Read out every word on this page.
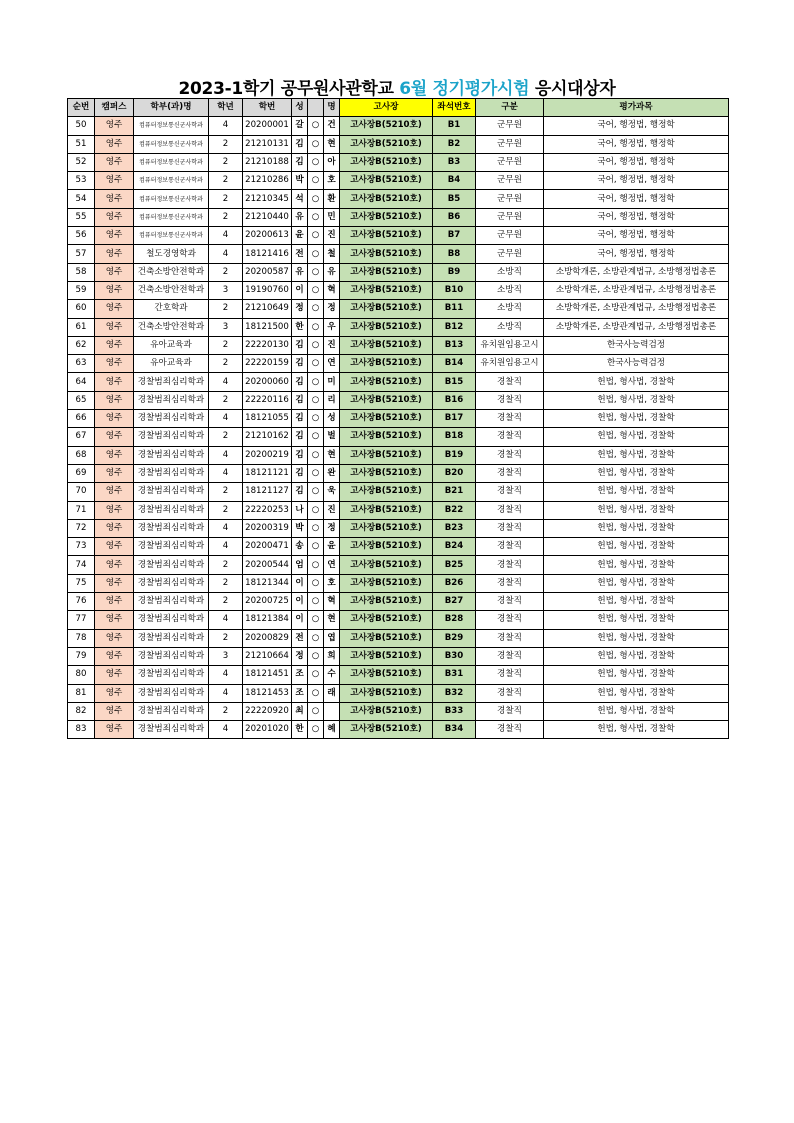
2023-1학기 공무원사관학교 6월 정기평가시험 응시대상자
순번	캠퍼스	학부(과)명	학년	학번	성		명	고사장	좌석번호	구분	평가과목
50	영주	컴퓨터정보통신군사학과	4	20200001	갈	○	건	고사장B(5210호)	B1	군무원	국어, 행정법, 행정학
51	영주	컴퓨터정보통신군사학과	2	21210131	김	○	현	고사장B(5210호)	B2	군무원	국어, 행정법, 행정학
52	영주	컴퓨터정보통신군사학과	2	21210188	김	○	아	고사장B(5210호)	B3	군무원	국어, 행정법, 행정학
53	영주	컴퓨터정보통신군사학과	2	21210286	박	○	호	고사장B(5210호)	B4	군무원	국어, 행정법, 행정학
54	영주	컴퓨터정보통신군사학과	2	21210345	석	○	환	고사장B(5210호)	B5	군무원	국어, 행정법, 행정학
55	영주	컴퓨터정보통신군사학과	2	21210440	유	○	민	고사장B(5210호)	B6	군무원	국어, 행정법, 행정학
56	영주	컴퓨터정보통신군사학과	4	20200613	윤	○	진	고사장B(5210호)	B7	군무원	국어, 행정법, 행정학
57	영주	철도경영학과	4	18121416	전	○	철	고사장B(5210호)	B8	군무원	국어, 행정법, 행정학
58	영주	건축소방안전학과	2	20200587	유	○	유	고사장B(5210호)	B9	소방직	소방학개론, 소방관계법규, 소방행정법총론
59	영주	건축소방안전학과	3	19190760	이	○	혁	고사장B(5210호)	B10	소방직	소방학개론, 소방관계법규, 소방행정법총론
60	영주	간호학과	2	21210649	정	○	정	고사장B(5210호)	B11	소방직	소방학개론, 소방관계법규, 소방행정법총론
61	영주	건축소방안전학과	3	18121500	한	○	우	고사장B(5210호)	B12	소방직	소방학개론, 소방관계법규, 소방행정법총론
62	영주	유아교육과	2	22220130	김	○	진	고사장B(5210호)	B13	유치원임용고시	한국사능력검정
63	영주	유아교육과	2	22220159	김	○	연	고사장B(5210호)	B14	유치원임용고시	한국사능력검정
64	영주	경찰범죄심리학과	4	20200060	김	○	미	고사장B(5210호)	B15	경찰직	헌법, 형사법, 경찰학
65	영주	경찰범죄심리학과	2	22220116	김	○	리	고사장B(5210호)	B16	경찰직	헌법, 형사법, 경찰학
66	영주	경찰범죄심리학과	4	18121055	김	○	성	고사장B(5210호)	B17	경찰직	헌법, 형사법, 경찰학
67	영주	경찰범죄심리학과	2	21210162	김	○	벌	고사장B(5210호)	B18	경찰직	헌법, 형사법, 경찰학
68	영주	경찰범죄심리학과	4	20200219	김	○	현	고사장B(5210호)	B19	경찰직	헌법, 형사법, 경찰학
69	영주	경찰범죄심리학과	4	18121121	김	○	완	고사장B(5210호)	B20	경찰직	헌법, 형사법, 경찰학
70	영주	경찰범죄심리학과	2	18121127	김	○	욱	고사장B(5210호)	B21	경찰직	헌법, 형사법, 경찰학
71	영주	경찰범죄심리학과	2	22220253	나	○	진	고사장B(5210호)	B22	경찰직	헌법, 형사법, 경찰학
72	영주	경찰범죄심리학과	4	20200319	박	○	정	고사장B(5210호)	B23	경찰직	헌법, 형사법, 경찰학
73	영주	경찰범죄심리학과	4	20200471	송	○	윤	고사장B(5210호)	B24	경찰직	헌법, 형사법, 경찰학
74	영주	경찰범죄심리학과	2	20200544	엄	○	연	고사장B(5210호)	B25	경찰직	헌법, 형사법, 경찰학
75	영주	경찰범죄심리학과	2	18121344	이	○	호	고사장B(5210호)	B26	경찰직	헌법, 형사법, 경찰학
76	영주	경찰범죄심리학과	2	20200725	이	○	혁	고사장B(5210호)	B27	경찰직	헌법, 형사법, 경찰학
77	영주	경찰범죄심리학과	4	18121384	이	○	현	고사장B(5210호)	B28	경찰직	헌법, 형사법, 경찰학
78	영주	경찰범죄심리학과	2	20200829	전	○	엽	고사장B(5210호)	B29	경찰직	헌법, 형사법, 경찰학
79	영주	경찰범죄심리학과	3	21210664	정	○	희	고사장B(5210호)	B30	경찰직	헌법, 형사법, 경찰학
80	영주	경찰범죄심리학과	4	18121451	조	○	수	고사장B(5210호)	B31	경찰직	헌법, 형사법, 경찰학
81	영주	경찰범죄심리학과	4	18121453	조	○	래	고사장B(5210호)	B32	경찰직	헌법, 형사법, 경찰학
82	영주	경찰범죄심리학과	2	22220920	최	○		고사장B(5210호)	B33	경찰직	헌법, 형사법, 경찰학
83	영주	경찰범죄심리학과	4	20201020	한	○	혜	고사장B(5210호)	B34	경찰직	헌법, 형사법, 경찰학
